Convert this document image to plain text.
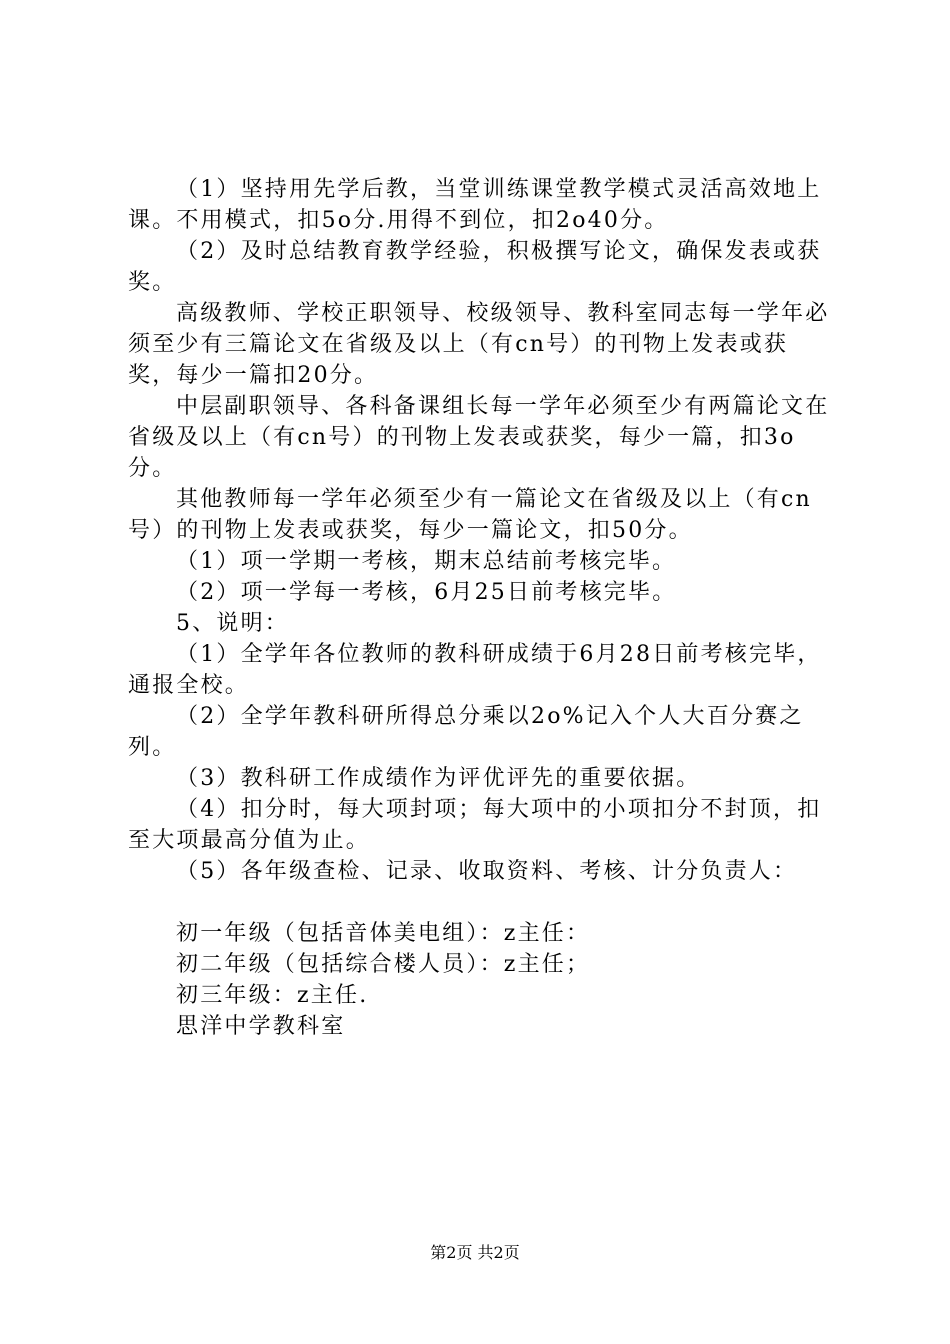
（1）坚持用先学后教，当堂训练课堂教学模式灵活高效地上课。不用模式，扣5o分.用得不到位，扣2o40分。

（2）及时总结教育教学经验，积极撰写论文，确保发表或获奖。

高级教师、学校正职领导、校级领导、教科室同志每一学年必须至少有三篇论文在省级及以上（有cn号）的刊物上发表或获奖，每少一篇扣20分。

中层副职领导、各科备课组长每一学年必须至少有两篇论文在省级及以上（有cn号）的刊物上发表或获奖，每少一篇，扣3o分。

其他教师每一学年必须至少有一篇论文在省级及以上（有cn号）的刊物上发表或获奖，每少一篇论文，扣50分。

（1）项一学期一考核，期末总结前考核完毕。

（2）项一学每一考核，6月25日前考核完毕。

5、说明：

（1）全学年各位教师的教科研成绩于6月28日前考核完毕，通报全校。

（2）全学年教科研所得总分乘以2o%记入个人大百分赛之列。

（3）教科研工作成绩作为评优评先的重要依据。

（4）扣分时，每大项封项；每大项中的小项扣分不封顶，扣至大项最高分值为止。

（5）各年级查检、记录、收取资料、考核、计分负责人：

初一年级（包括音体美电组）：z主任：

初二年级（包括综合楼人员）：z主任；

初三年级：z主任.

思洋中学教科室

第2页 共2页
